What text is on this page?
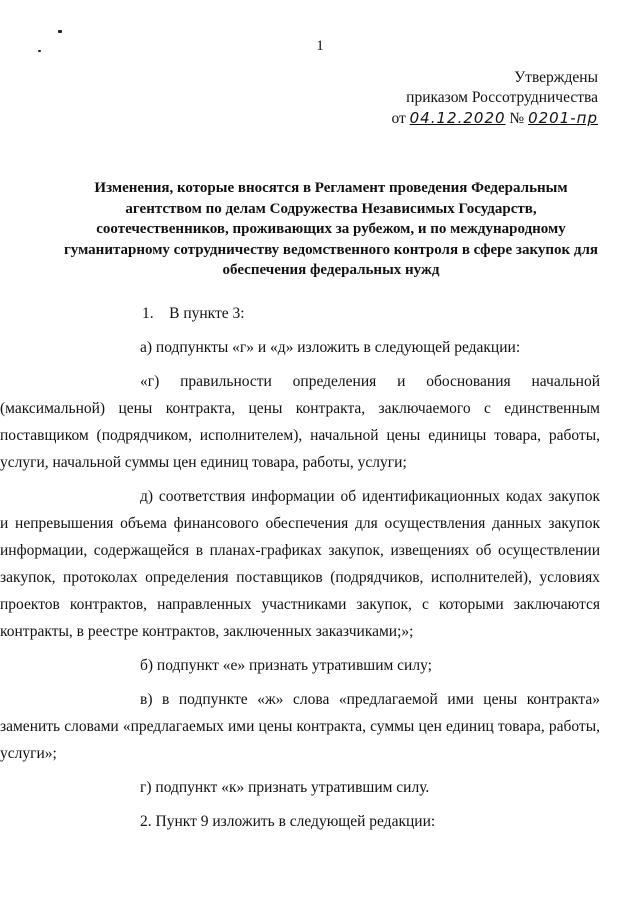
1
Утверждены
приказом Россотрудничества
от 04.12.2020 № 0201-пр
Изменения, которые вносятся в Регламент проведения Федеральным агентством по делам Содружества Независимых Государств, соотечественников, проживающих за рубежом, и по международному гуманитарному сотрудничеству ведомственного контроля в сфере закупок для обеспечения федеральных нужд

1.    В пункте 3:

а) подпункты «г» и «д» изложить в следующей редакции:

«г) правильности определения и обоснования начальной (максимальной) цены контракта, цены контракта, заключаемого с единственным поставщиком (подрядчиком, исполнителем), начальной цены единицы товара, работы, услуги, начальной суммы цен единиц товара, работы, услуги;

д) соответствия информации об идентификационных кодах закупок и непревышения объема финансового обеспечения для осуществления данных закупок информации, содержащейся в планах-графиках закупок, извещениях об осуществлении закупок, протоколах определения поставщиков (подрядчиков, исполнителей), условиях проектов контрактов, направленных участниками закупок, с которыми заключаются контракты, в реестре контрактов, заключенных заказчиками;»;

б) подпункт «е» признать утратившим силу;

в) в подпункте «ж» слова «предлагаемой ими цены контракта» заменить словами «предлагаемых ими цены контракта, суммы цен единиц товара, работы, услуги»;

г) подпункт «к» признать утратившим силу.

2. Пункт 9 изложить в следующей редакции:
